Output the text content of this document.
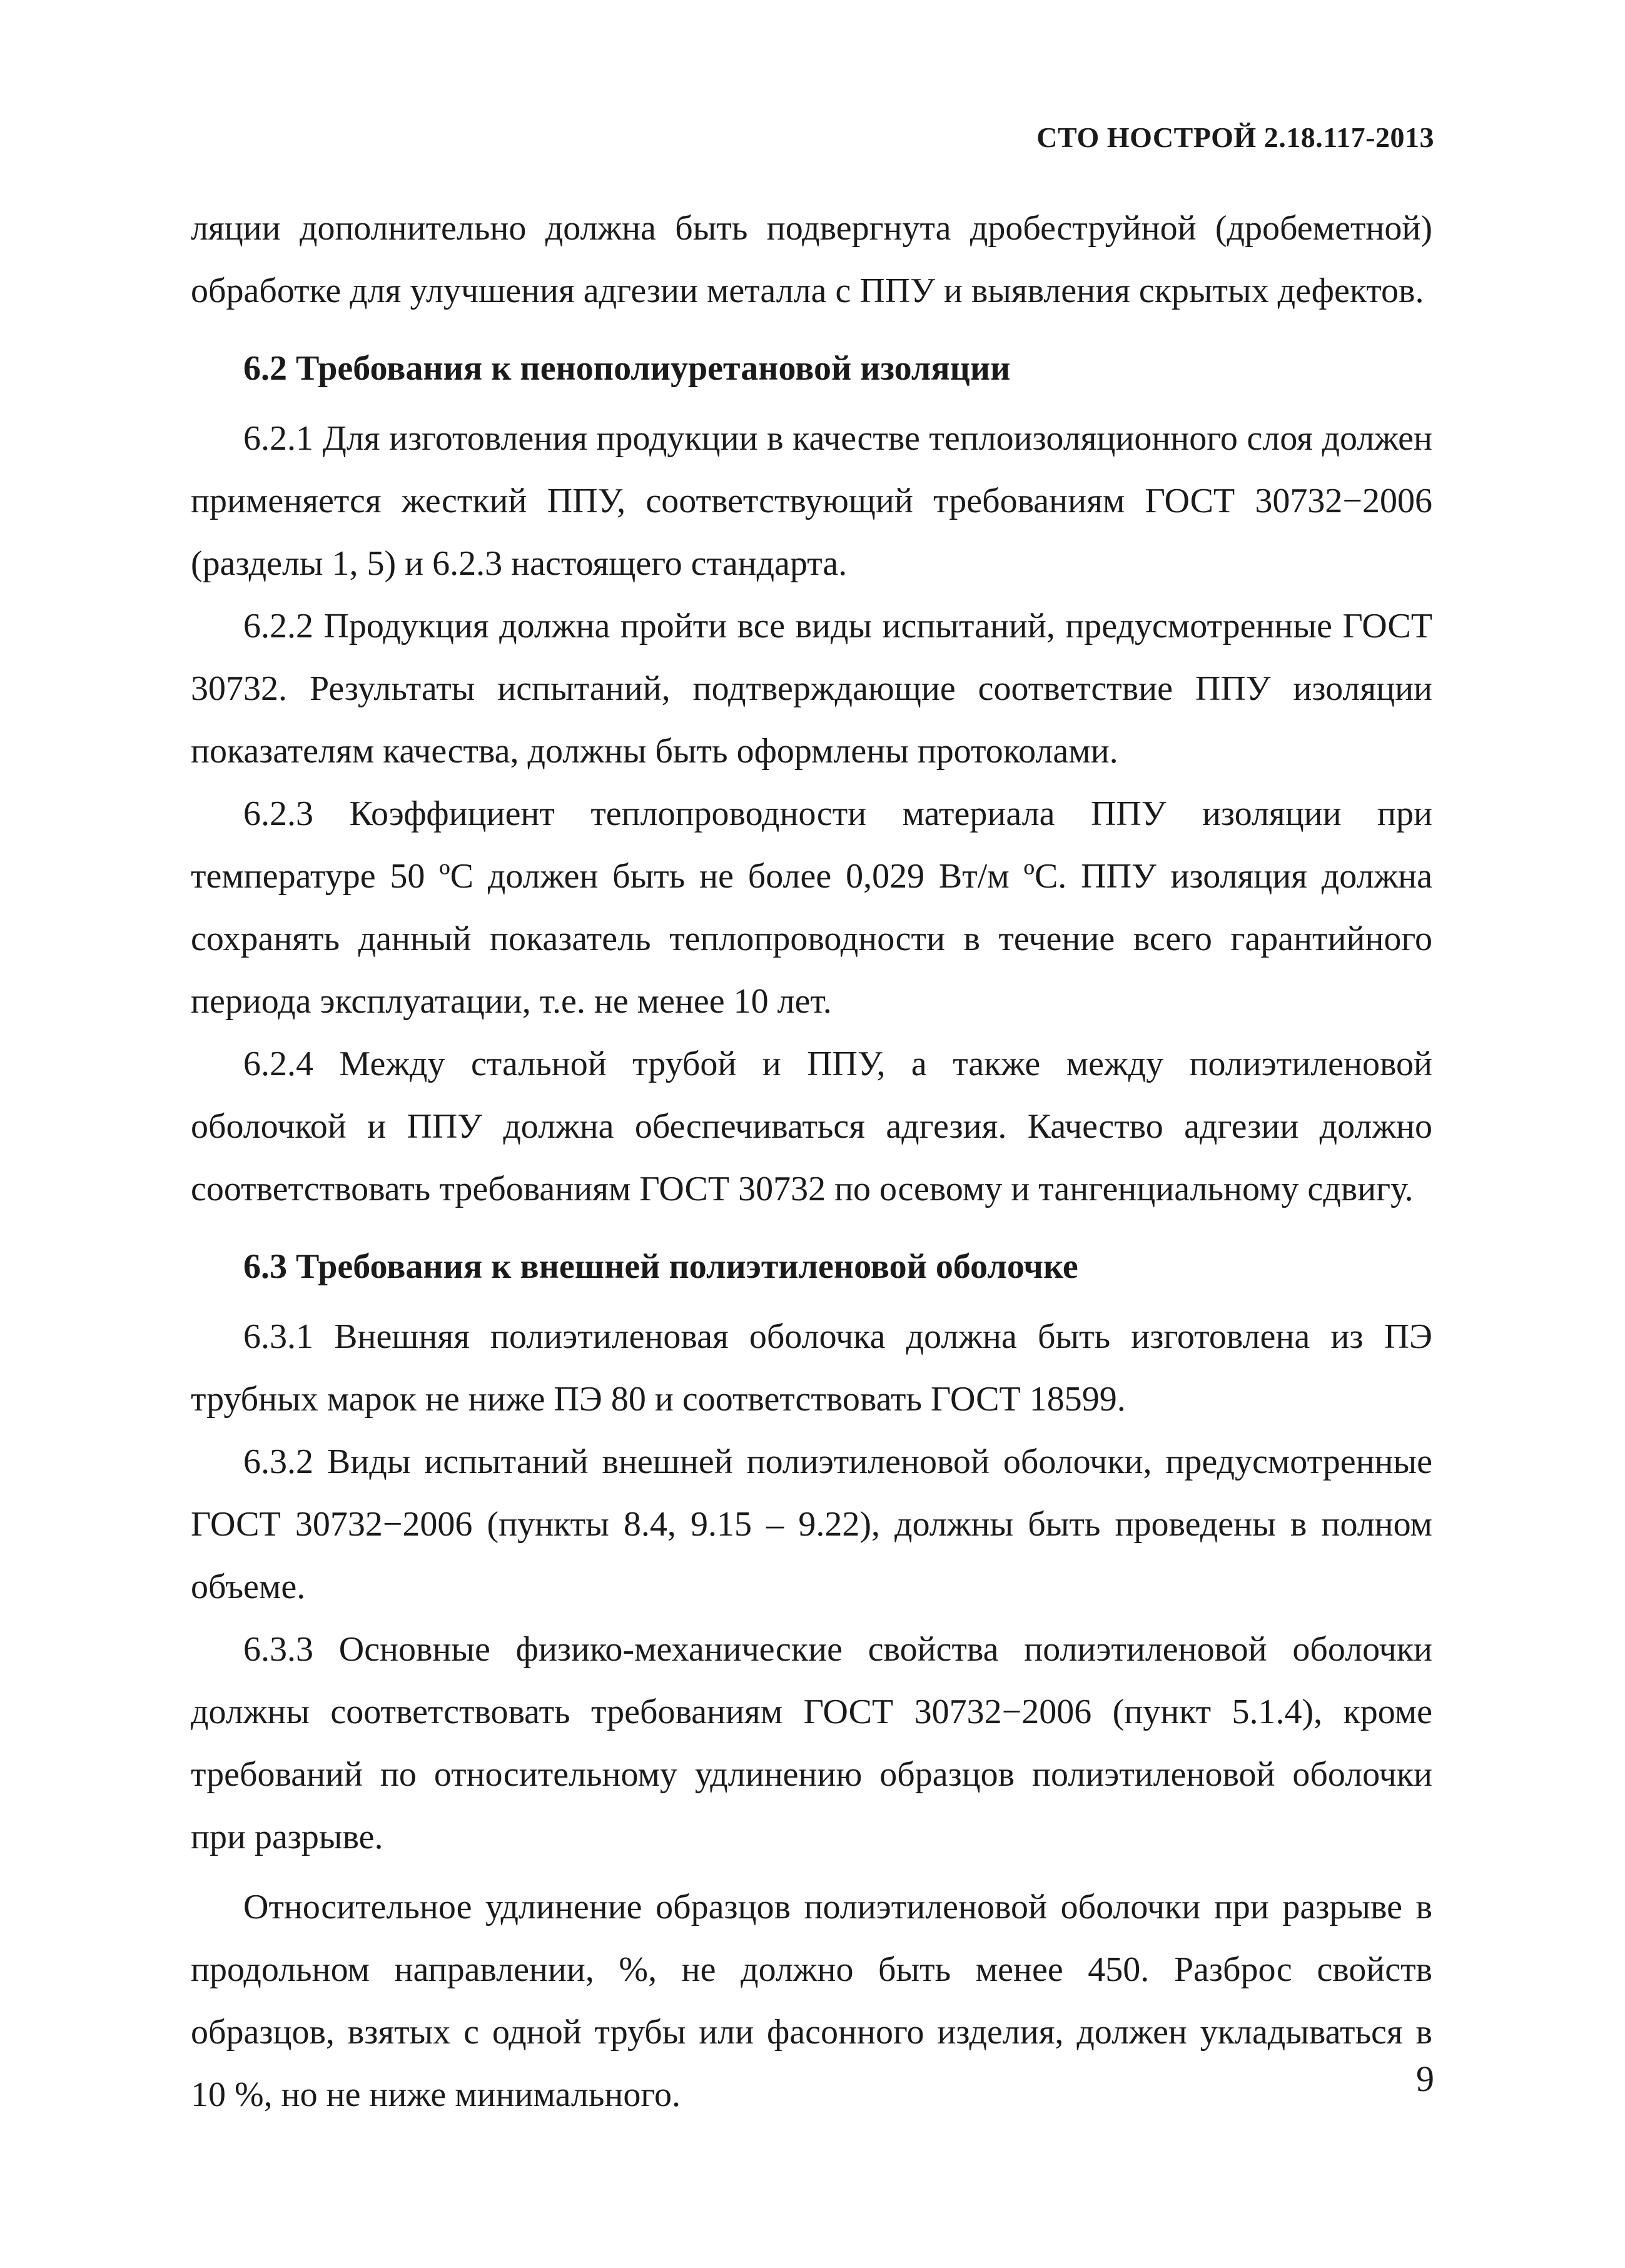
СТО НОСТРОЙ 2.18.117-2013

ляции дополнительно должна быть подвергнута дробеструйной (дробеметной) обработке для улучшения адгезии металла с ППУ и выявления скрытых дефектов.

6.2 Требования к пенополиуретановой изоляции

6.2.1 Для изготовления продукции в качестве теплоизоляционного слоя должен применяется жесткий ППУ, соответствующий требованиям ГОСТ 30732−2006 (разделы 1, 5) и 6.2.3 настоящего стандарта.

6.2.2 Продукция должна пройти все виды испытаний, предусмотренные ГОСТ 30732. Результаты испытаний, подтверждающие соответствие ППУ изоляции показателям качества, должны быть оформлены протоколами.

6.2.3 Коэффициент теплопроводности материала ППУ изоляции при температуре 50 ºС должен быть не более 0,029 Вт/м ºС. ППУ изоляция должна сохранять данный показатель теплопроводности в течение всего гарантийного периода эксплуатации, т.е. не менее 10 лет.

6.2.4 Между стальной трубой и ППУ, а также между полиэтиленовой оболочкой и ППУ должна обеспечиваться адгезия. Качество адгезии должно соответствовать требованиям ГОСТ 30732 по осевому и тангенциальному сдвигу.

6.3 Требования к внешней полиэтиленовой оболочке

6.3.1 Внешняя полиэтиленовая оболочка должна быть изготовлена из ПЭ трубных марок не ниже ПЭ 80 и соответствовать ГОСТ 18599.

6.3.2 Виды испытаний внешней полиэтиленовой оболочки, предусмотренные ГОСТ 30732−2006 (пункты 8.4, 9.15 – 9.22), должны быть проведены в полном объеме.

6.3.3 Основные физико-механические свойства полиэтиленовой оболочки должны соответствовать требованиям ГОСТ 30732−2006 (пункт 5.1.4), кроме требований по относительному удлинению образцов полиэтиленовой оболочки при разрыве.

Относительное удлинение образцов полиэтиленовой оболочки при разрыве в продольном направлении, %, не должно быть менее 450. Разброс свойств образцов, взятых с одной трубы или фасонного изделия, должен укладываться в 10 %, но не ниже минимального.	9
